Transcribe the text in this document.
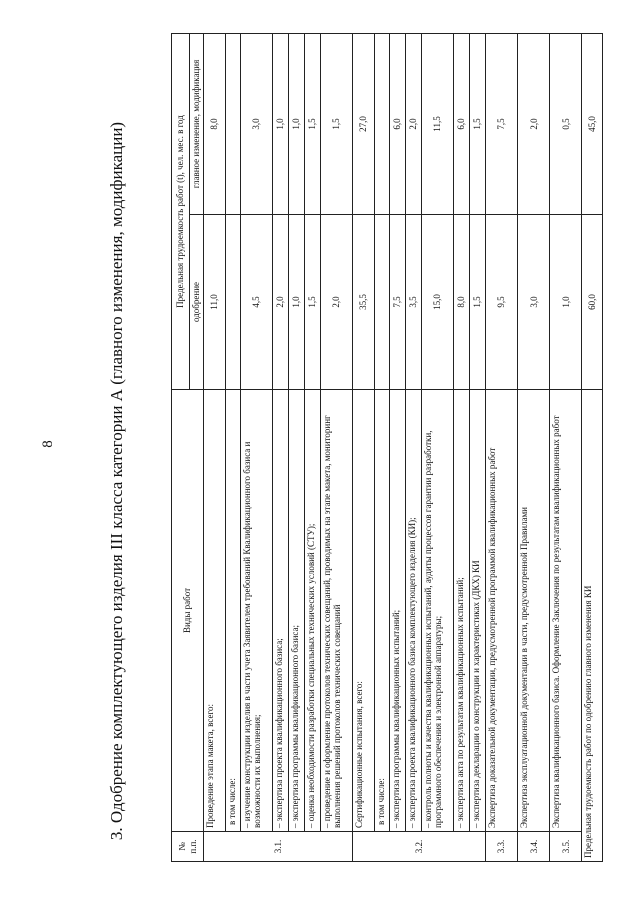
8	3. Одобрение комплектующего изделия III класса категории А (главного изменения, модификации)
№ п.п.	Виды работ	Предельная трудоемкость работ (t), чел. мес. в год	
		одобрение	главное изменение, модификация
3.1.	Проведение этапа макета, всего:	11,0	8,0
	в том числе:		
	– изучение конструкции изделия в части учета Заявителем требований Квалификационного базиса и возможности их выполнения;	4,5	3,0
	– экспертиза проекта квалификационного базиса;	2,0	1,0
	– экспертиза программы квалификационного базиса;	1,0	1,0
	– оценка необходимости разработки специальных технических условий (СТУ);	1,5	1,5
	– проведение и оформление протоколов технических совещаний, проводимых на этапе макета, мониторинг выполнения решений протоколов технических совещаний	2,0	1,5
3.2.	Сертификационные испытания, всего:	35,5	27,0
	в том числе:		
	– экспертиза программы квалификационных испытаний;	7,5	6,0
	– экспертиза проекта квалификационного базиса комплектующего изделия (КИ);	3,5	2,0
	– контроль полноты и качества квалификационных испытаний, аудиты процессов гарантии разработки, программного обеспечения и электронной аппаратуры;	15,0	11,5
	– экспертиза акта по результатам квалификационных испытаний;	8,0	6,0
	– экспертиза декларации о конструкции и характеристиках (ДКХ) КИ	1,5	1,5
3.3.	Экспертиза доказательной документации, предусмотренной программой квалификационных работ	9,5	7,5
3.4.	Экспертиза эксплуатационной документации в части, предусмотренной Правилами	3,0	2,0
3.5.	Экспертиза квалификационного базиса. Оформление Заключения по результатам квалификационных работ	1,0	0,5
Предельная трудоемкость работ по одобрению главного изменения КИ		60,0	45,0
